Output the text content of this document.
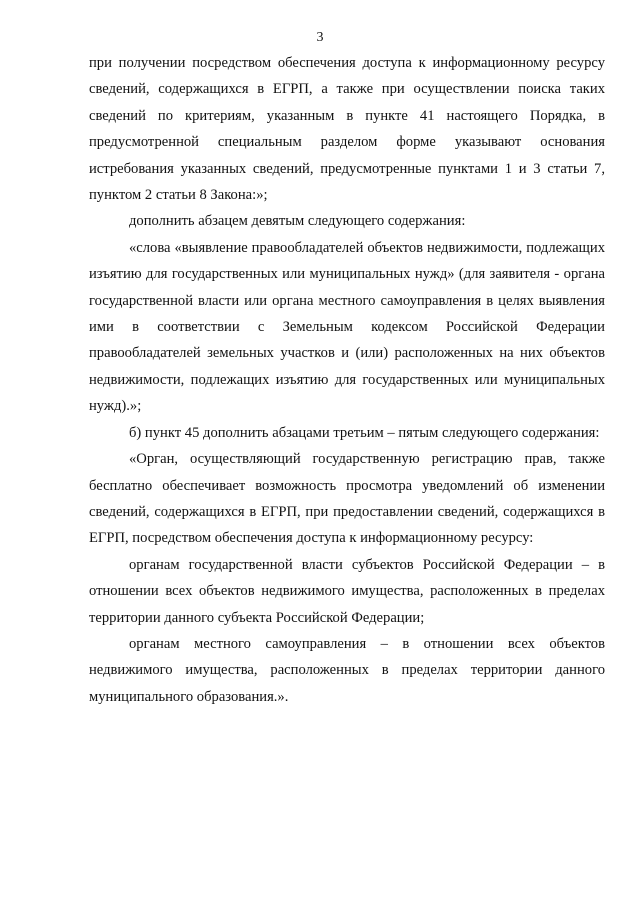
3

при получении посредством обеспечения доступа к информационному ресурсу сведений, содержащихся в ЕГРП, а также при осуществлении поиска таких сведений по критериям, указанным в пункте 41 настоящего Порядка, в предусмотренной специальным разделом форме указывают основания истребования указанных сведений, предусмотренные пунктами 1 и 3 статьи 7, пунктом 2 статьи 8 Закона:»;

дополнить абзацем девятым следующего содержания:

«слова «выявление правообладателей объектов недвижимости, подлежащих изъятию для государственных или муниципальных нужд» (для заявителя - органа государственной власти или органа местного самоуправления в целях выявления ими в соответствии с Земельным кодексом Российской Федерации правообладателей земельных участков и (или) расположенных на них объектов недвижимости, подлежащих изъятию для государственных или муниципальных нужд).»;

б) пункт 45 дополнить абзацами третьим – пятым следующего содержания:

«Орган, осуществляющий государственную регистрацию прав, также бесплатно обеспечивает возможность просмотра уведомлений об изменении сведений, содержащихся в ЕГРП, при предоставлении сведений, содержащихся в ЕГРП, посредством обеспечения доступа к информационному ресурсу:

органам государственной власти субъектов Российской Федерации – в отношении всех объектов недвижимого имущества, расположенных в пределах территории данного субъекта Российской Федерации;

органам местного самоуправления – в отношении всех объектов недвижимого имущества, расположенных в пределах территории данного муниципального образования.».
